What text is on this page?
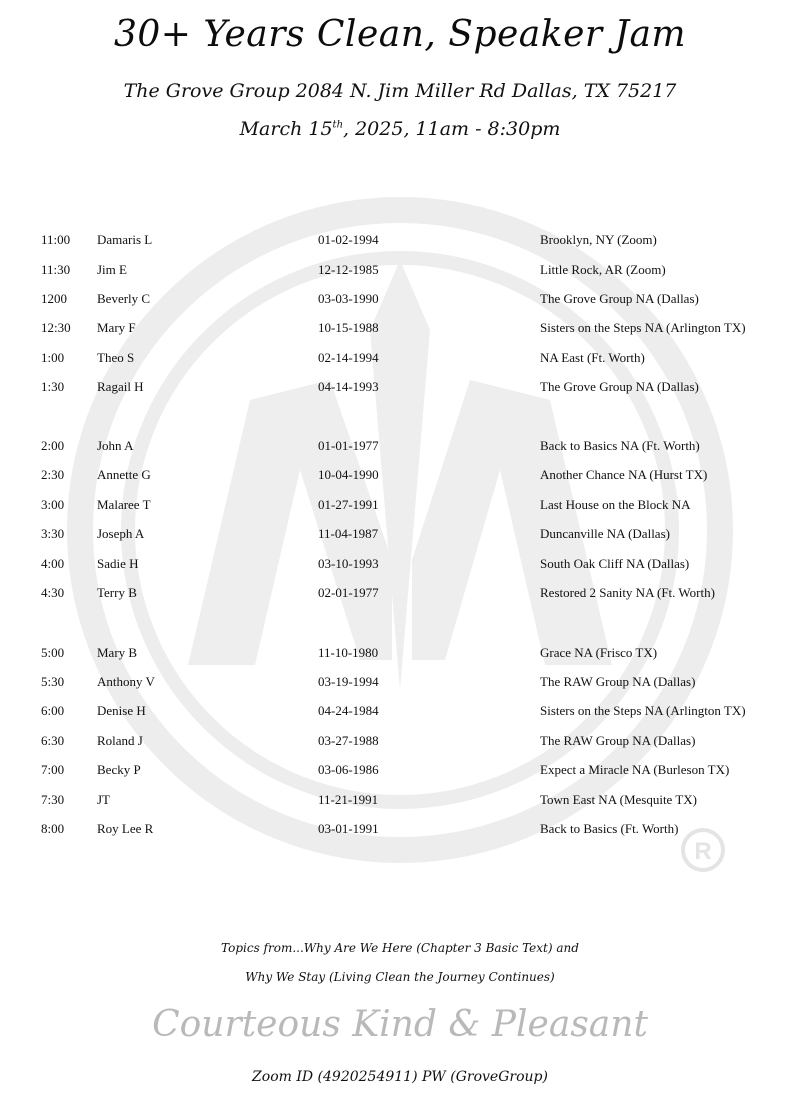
R
30+ Years Clean, Speaker Jam
The Grove Group 2084 N. Jim Miller Rd Dallas, TX 75217
March 15th, 2025, 11am - 8:30pm
11:00 Damaris L	01-02-1994	Brooklyn, NY (Zoom)
11:30 Jim E	12-12-1985	Little Rock, AR (Zoom)
1200 Beverly C	03-03-1990	The Grove Group NA (Dallas)
12:30 Mary F	10-15-1988	Sisters on the Steps NA (Arlington TX)
1:00	Theo S	02-14-1994	NA East (Ft. Worth)
1:30	Ragail H	04-14-1993	The Grove Group NA (Dallas)
2:00	John A	01-01-1977	Back to Basics NA (Ft. Worth)
2:30	Annette G	10-04-1990	Another Chance NA (Hurst TX)
3:00	Malaree T	01-27-1991	Last House on the Block NA
3:30	Joseph A	11-04-1987	Duncanville NA (Dallas)
4:00	Sadie H	03-10-1993	South Oak Cliff NA (Dallas)
4:30	Terry B	02-01-1977	Restored 2 Sanity NA (Ft. Worth)
5:00	Mary B	11-10-1980	Grace NA (Frisco TX)
5:30	Anthony V	03-19-1994	The RAW Group NA (Dallas)
6:00	Denise H	04-24-1984	Sisters on the Steps NA (Arlington TX)
6:30	Roland J	03-27-1988	The RAW Group NA (Dallas)
7:00	Becky P	03-06-1986	Expect a Miracle NA (Burleson TX)
7:30	JT	11-21-1991	Town East NA (Mesquite TX)
8:00	Roy Lee R	03-01-1991	Back to Basics (Ft. Worth)
Topics from...Why Are We Here (Chapter 3 Basic Text) and
Why We Stay (Living Clean the Journey Continues)
Courteous Kind & Pleasant
Zoom ID (4920254911) PW (GroveGroup)
